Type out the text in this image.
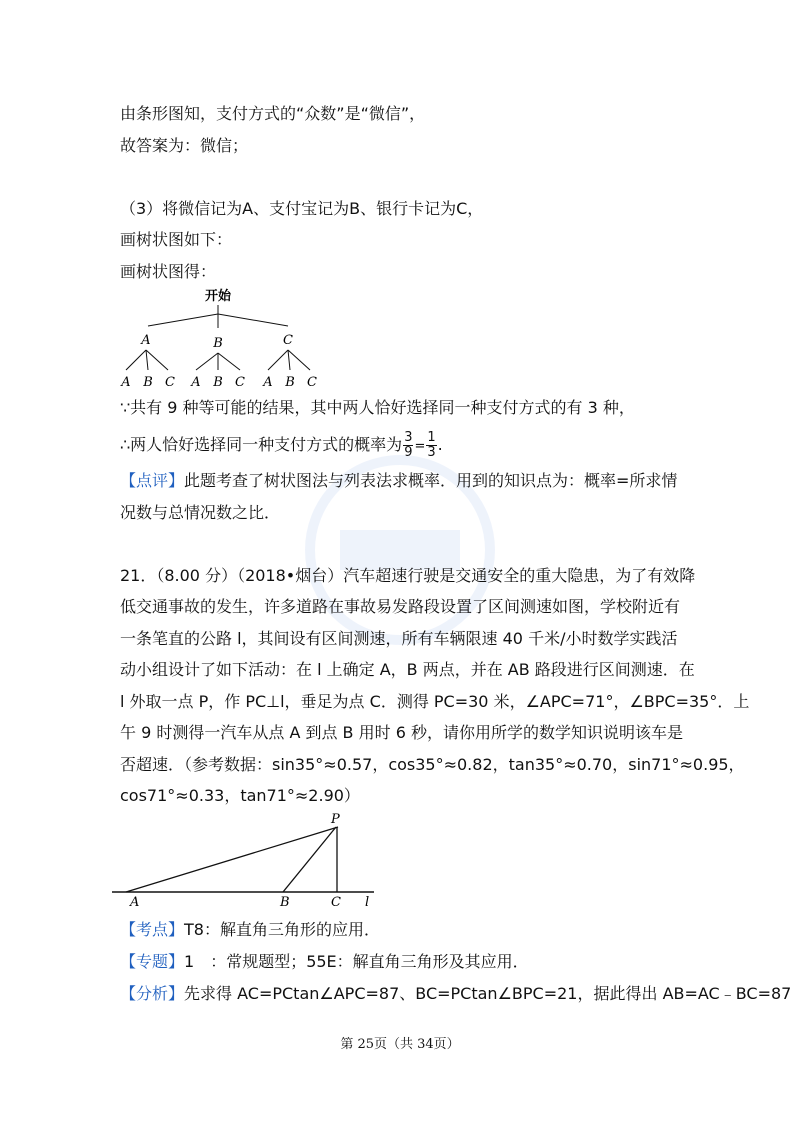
由条形图知，支付方式的“众数”是“微信”，
故答案为：微信；
（3）将微信记为A、支付宝记为B、银行卡记为C，
画树状图如下：
画树状图得：
开始
A	B	C
A B C A B C A B C
∵共有 9 种等可能的结果，其中两人恰好选择同一种支付方式的有 3 种，
∴两人恰好选择同一种支付方式的概率为 $\frac{3}{9} = \frac{1}{3}$ .
【点评】此题考查了树状图法与列表法求概率．用到的知识点为：概率=所求情
况数与总情况数之比．
21．（8.00 分）（2018•烟台）汽车超速行驶是交通安全的重大隐患，为了有效降
低交通事故的发生，许多道路在事故易发路段设置了区间测速如图，学校附近有
一条笔直的公路 l，其间设有区间测速，所有车辆限速 40 千米/小时数学实践活
动小组设计了如下活动：在 l 上确定 A，B 两点，并在 AB 路段进行区间测速．在
l 外取一点 P，作 PC⊥l，垂足为点 C．测得 PC=30 米，∠APC=71°，∠BPC=35°．上
午 9 时测得一汽车从点 A 到点 B 用时 6 秒，请你用所学的数学知识说明该车是
否超速．（参考数据：sin35°≈0.57，cos35°≈0.82，tan35°≈0.70，sin71°≈0.95，
cos71°≈0.33，tan71°≈2.90）
P
A	B	C l
【考点】T8：解直角三角形的应用．
【专题】1　：常规题型；55E：解直角三角形及其应用．
【分析】先求得 AC=PCtan∠APC=87、BC=PCtan∠BPC=21，据此得出 AB=AC﹣BC=87
第 25页（共 34页）
